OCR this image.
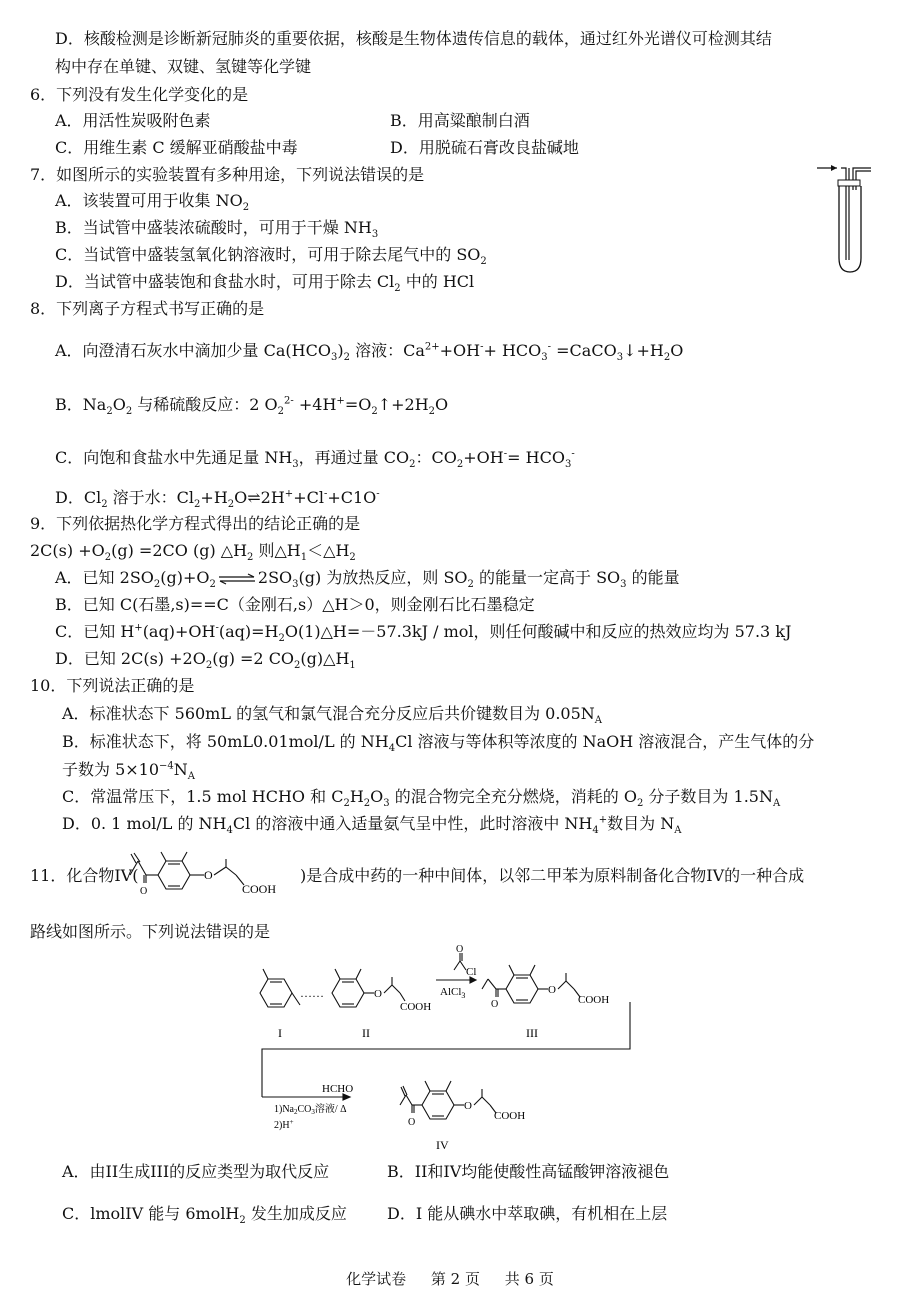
D．核酸检测是诊断新冠肺炎的重要依据，核酸是生物体遗传信息的载体，通过红外光谱仪可检测其结
构中存在单键、双键、氢键等化学键
6．下列没有发生化学变化的是
A．用活性炭吸附色素	B．用高粱酿制白酒
C．用维生素 C 缓解亚硝酸盐中毒	D．用脱硫石膏改良盐碱地
7．如图所示的实验装置有多种用途，下列说法错误的是
A．该装置可用于收集 $NO_2$
B．当试管中盛装浓硫酸时，可用于干燥 $NH_3$
C．当试管中盛装氢氧化钠溶液时，可用于除去尾气中的 $SO_2$
D．当试管中盛装饱和食盐水时，可用于除去 $Cl_2$ 中的 HCl
8．下列离子方程式书写正确的是
A．向澄清石灰水中滴加少量 $Ca(HCO_3)_2$ 溶液：$Ca^{2+}+OH^-+ HCO_3^-$ $=CaCO_3↓+H_2O$
B．$Na_2O_2$ 与稀硫酸反应：2 $O_2^{2-}$ $+4H^+=O_2↑+2H_2O$
C．向饱和食盐水中先通足量 $NH_3$，再通过量 $CO_2$：$CO_2+OH^-= HCO_3^-$
D．$Cl_2$ 溶于水：$Cl_2+H_2O\rightleftharpoons 2H^++Cl^-+C1O^-$
9．下列依据热化学方程式得出的结论正确的是
$2C(s) +O_2(g) =2CO$ (g) $\triangle H_2$ 则$\triangle H_1<\triangle H_2$
A．已知 $2SO_2(g)+O_2$ ⇌ $2SO_3(g)$ 为放热反应，则 $SO_2$ 的能量一定高于 $SO_3$ 的能量
B．已知 C(石墨,s)==C（金刚石,s）△H＞0，则金刚石比石墨稳定
C．已知 $H^+(aq)+OH^-(aq)=H_2O(1)\triangle H=-57.3kJ$ / mol，则任何酸碱中和反应的热效应均为 57.3 kJ
D．已知 $2C(s) +2O_2(g) =2$ $CO_2(g)\triangle H_1$
10．下列说法正确的是
A．标准状态下 560mL 的氢气和氯气混合充分反应后共价键数目为 $0.05N_A$
B．标准状态下，将 50mL0.01mol/L 的 $NH_4Cl$ 溶液与等体积等浓度的 NaOH 溶液混合，产生气体的分
子数为 $5\times 10^{-4}N_A$
C．常温常压下，1.5 mol HCHO 和 $C_2H_2O_3$ 的混合物完全充分燃烧，消耗的 $O_2$ 分子数目为 $1.5N_A$
D．0. 1 mol/L 的 $NH_4Cl$ 的溶液中通入适量氨气呈中性，此时溶液中 $NH_4^+$数目为 $N_A$
11．化合物IV(	O
O	COOH
)是合成中药的一种中间体，以邻二甲苯为原料制备化合物IV的一种合成
路线如图所示。下列说法错误的是
……
I
O
COOH
II
O
Cl
AlCl$_3$
O
O
COOH
III
HCHO
$1)Na_2CO_3$溶液/ Δ
2)H+	O
O
COOH
IV
A．由II生成III的反应类型为取代反应	B．II和IV均能使酸性高锰酸钾溶液褪色
C．lmolIV 能与 6molH$_2$ 发生加成反应	D．I 能从碘水中萃取碘，有机相在上层
化学试卷 第 2 页 共 6 页
